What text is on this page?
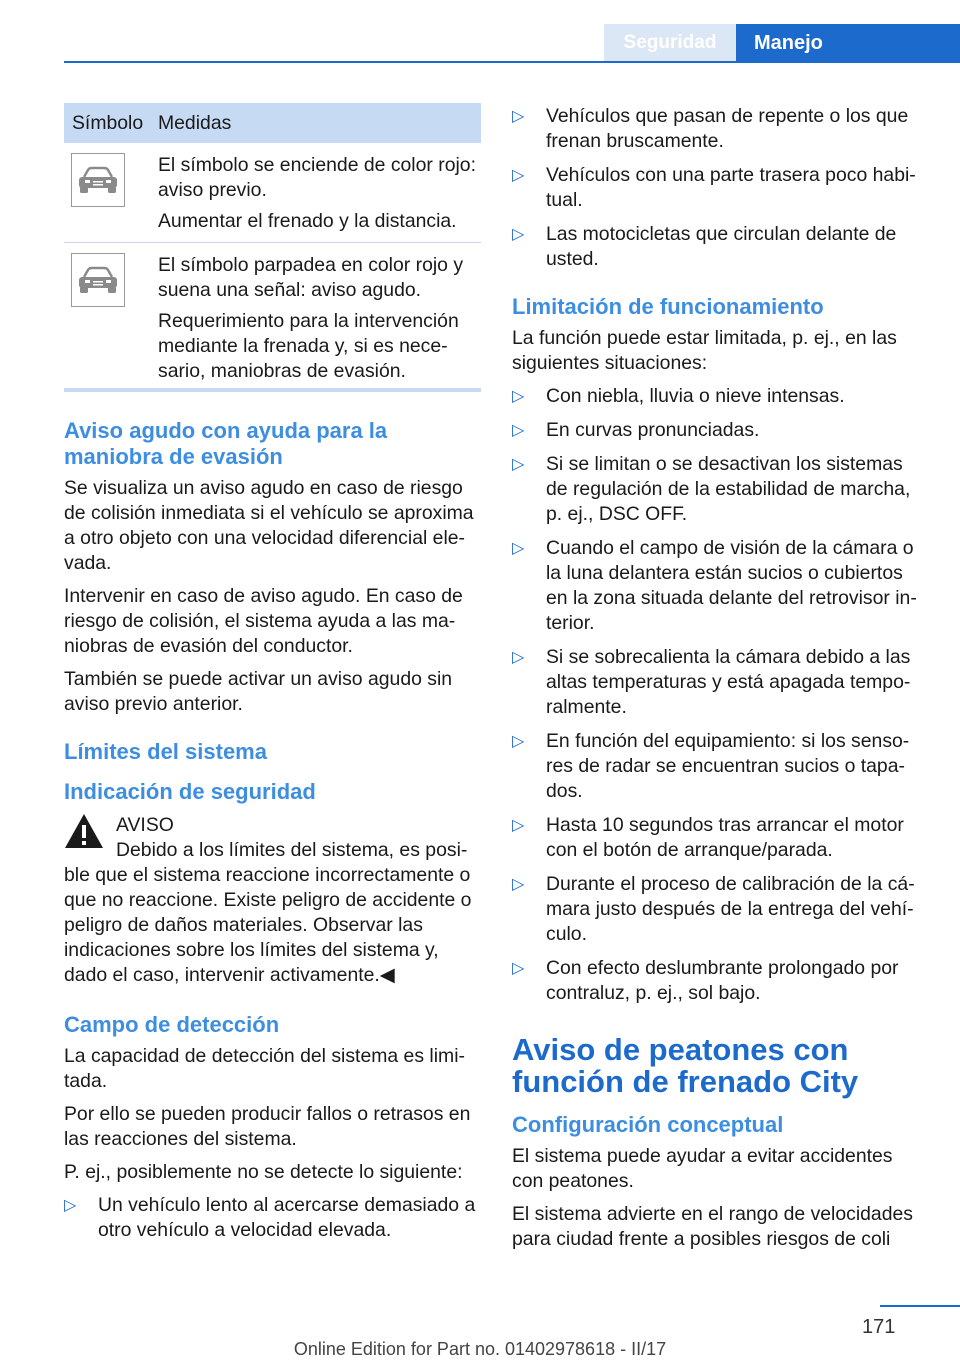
Seguridad	Manejo
Símbolo	Medidas

El símbolo se enciende de color rojo: aviso previo.

Aumentar el frenado y la distancia.

El símbolo parpadea en color rojo y suena una señal: aviso agudo.

Requerimiento para la intervención mediante la frenada y, si es necesario, maniobras de evasión.

Aviso agudo con ayuda para la maniobra de evasión

Se visualiza un aviso agudo en caso de riesgo de colisión inmediata si el vehículo se aproxima a otro objeto con una velocidad diferencial elevada.

Intervenir en caso de aviso agudo. En caso de riesgo de colisión, el sistema ayuda a las maniobras de evasión del conductor.

También se puede activar un aviso agudo sin aviso previo anterior.

Límites del sistema
Indicación de seguridad

AVISO

Debido a los límites del sistema, es posible que el sistema reaccione incorrectamente o que no reaccione. Existe peligro de accidente o peligro de daños materiales. Observar las indicaciones sobre los límites del sistema y, dado el caso, intervenir activamente.◀

Campo de detección

La capacidad de detección del sistema es limitada.

Por ello se pueden producir fallos o retrasos en las reacciones del sistema.

P. ej., posiblemente no se detecte lo siguiente:

▷ Un vehículo lento al acercarse demasiado a otro vehículo a velocidad elevada.
▷ Vehículos que pasan de repente o los que frenan bruscamente.
▷ Vehículos con una parte trasera poco habitual.
▷ Las motocicletas que circulan delante de usted.
Limitación de funcionamiento

La función puede estar limitada, p. ej., en las siguientes situaciones:

▷ Con niebla, lluvia o nieve intensas.
▷ En curvas pronunciadas.
▷ Si se limitan o se desactivan los sistemas de regulación de la estabilidad de marcha, p. ej., DSC OFF.
▷ Cuando el campo de visión de la cámara o la luna delantera están sucios o cubiertos en la zona situada delante del retrovisor interior.
▷ Si se sobrecalienta la cámara debido a las altas temperaturas y está apagada temporalmente.
▷ En función del equipamiento: si los sensores de radar se encuentran sucios o tapados.
▷ Hasta 10 segundos tras arrancar el motor con el botón de arranque/parada.
▷ Durante el proceso de calibración de la cámara justo después de la entrega del vehículo.
▷ Con efecto deslumbrante prolongado por contraluz, p. ej., sol bajo.
Aviso de peatones con función de frenado City
Configuración conceptual

El sistema puede ayudar a evitar accidentes con peatones.

El sistema advierte en el rango de velocidades para ciudad frente a posibles riesgos de coli

171
Online Edition for Part no. 01402978618 - II/17
